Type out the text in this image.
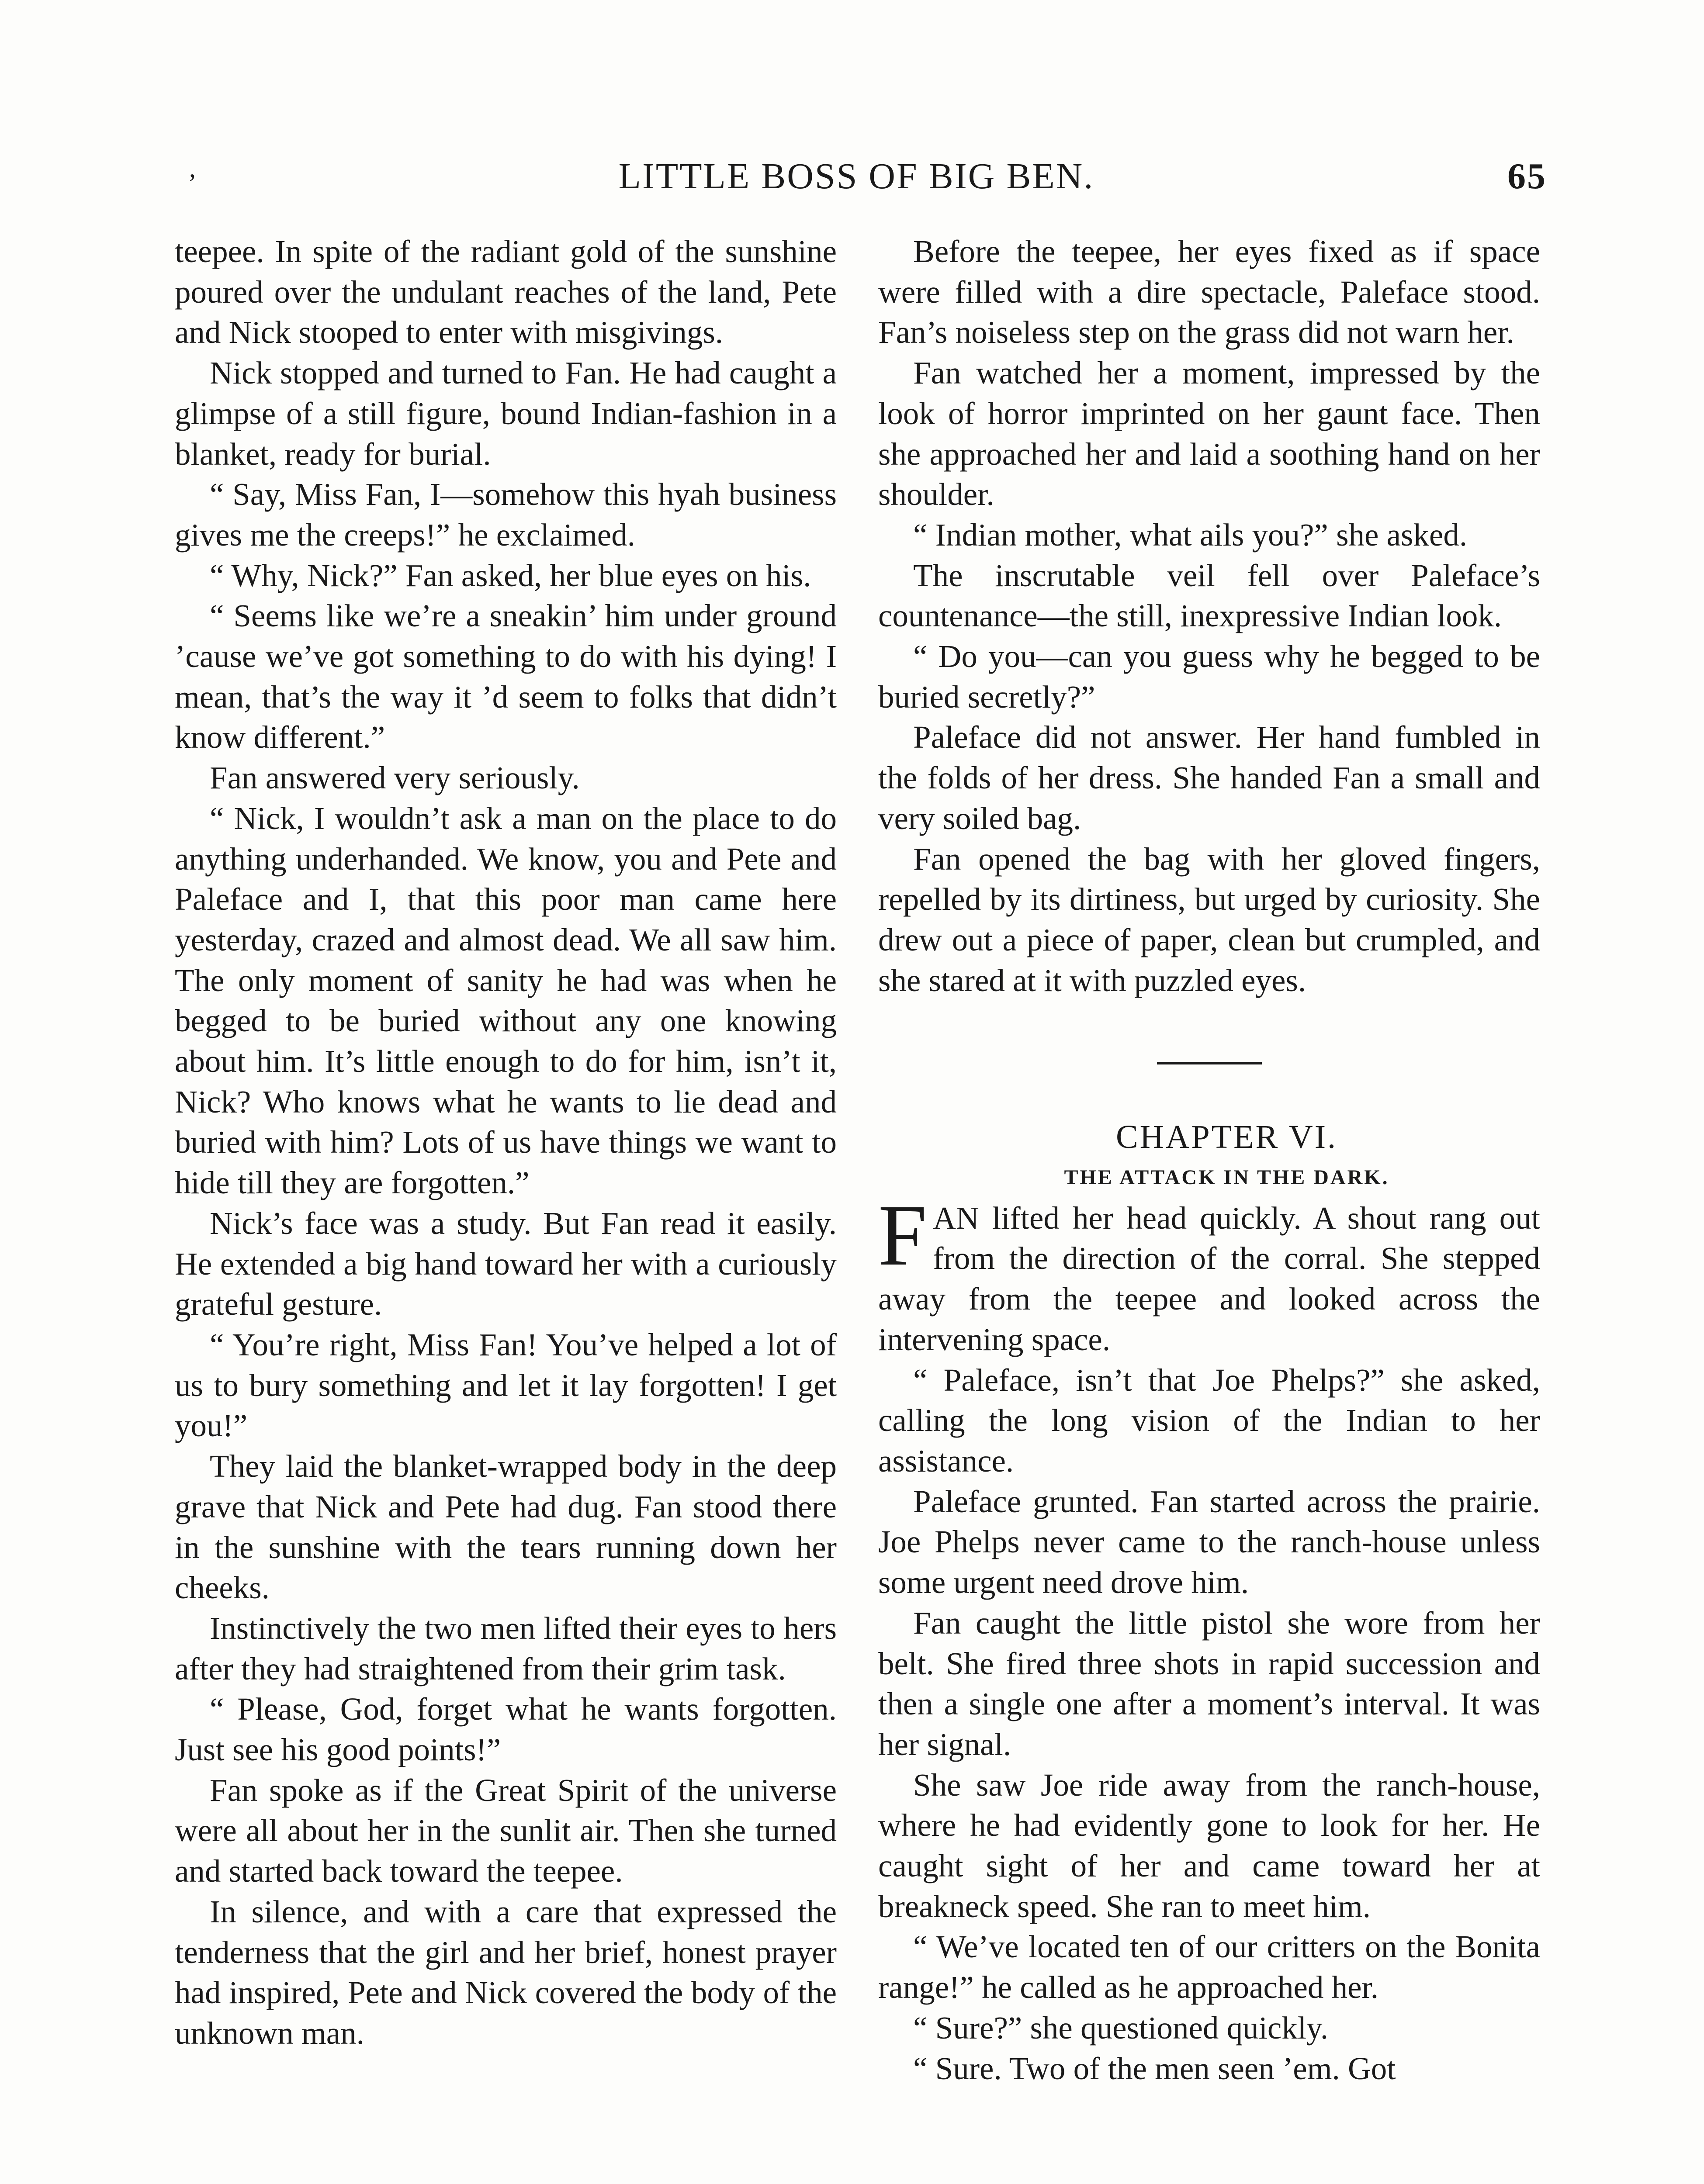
’	LITTLE BOSS OF BIG BEN.	65

teepee. In spite of the radiant gold of the sunshine poured over the undulant reaches of the land, Pete and Nick stooped to enter with misgivings.

Nick stopped and turned to Fan. He had caught a glimpse of a still figure, bound Indian-fashion in a blanket, ready for burial.

“ Say, Miss Fan, I—somehow this hyah business gives me the creeps!” he exclaimed.

“ Why, Nick?” Fan asked, her blue eyes on his.

“ Seems like we’re a sneakin’ him under ground ’cause we’ve got something to do with his dying! I mean, that’s the way it ’d seem to folks that didn’t know different.”

Fan answered very seriously.

“ Nick, I wouldn’t ask a man on the place to do anything underhanded. We know, you and Pete and Paleface and I, that this poor man came here yesterday, crazed and almost dead. We all saw him. The only moment of sanity he had was when he begged to be buried without any one knowing about him. It’s little enough to do for him, isn’t it, Nick? Who knows what he wants to lie dead and buried with him? Lots of us have things we want to hide till they are forgotten.”

Nick’s face was a study. But Fan read it easily. He extended a big hand toward her with a curiously grateful gesture.

“ You’re right, Miss Fan! You’ve helped a lot of us to bury something and let it lay forgotten! I get you!”

They laid the blanket-wrapped body in the deep grave that Nick and Pete had dug. Fan stood there in the sunshine with the tears running down her cheeks.

Instinctively the two men lifted their eyes to hers after they had straightened from their grim task.

“ Please, God, forget what he wants forgotten. Just see his good points!”

Fan spoke as if the Great Spirit of the universe were all about her in the sunlit air. Then she turned and started back toward the teepee.

In silence, and with a care that expressed the tenderness that the girl and her brief, honest prayer had inspired, Pete and Nick covered the body of the unknown man.

Before the teepee, her eyes fixed as if space were filled with a dire spectacle, Paleface stood. Fan’s noiseless step on the grass did not warn her.

Fan watched her a moment, impressed by the look of horror imprinted on her gaunt face. Then she approached her and laid a soothing hand on her shoulder.

“ Indian mother, what ails you?” she asked.

The inscrutable veil fell over Paleface’s countenance—the still, inexpressive Indian look.

“ Do you—can you guess why he begged to be buried secretly?”

Paleface did not answer. Her hand fumbled in the folds of her dress. She handed Fan a small and very soiled bag.

Fan opened the bag with her gloved fingers, repelled by its dirtiness, but urged by curiosity. She drew out a piece of paper, clean but crumpled, and she stared at it with puzzled eyes.

CHAPTER VI.

THE ATTACK IN THE DARK.

FAN lifted her head quickly. A shout rang out from the direction of the corral. She stepped away from the teepee and looked across the intervening space.

“ Paleface, isn’t that Joe Phelps?” she asked, calling the long vision of the Indian to her assistance.

Paleface grunted. Fan started across the prairie. Joe Phelps never came to the ranch-house unless some urgent need drove him.

Fan caught the little pistol she wore from her belt. She fired three shots in rapid succession and then a single one after a moment’s interval. It was her signal.

She saw Joe ride away from the ranch-house, where he had evidently gone to look for her. He caught sight of her and came toward her at breakneck speed. She ran to meet him.

“ We’ve located ten of our critters on the Bonita range!” he called as he approached her.

“ Sure?” she questioned quickly.

“ Sure. Two of the men seen ’em. Got
